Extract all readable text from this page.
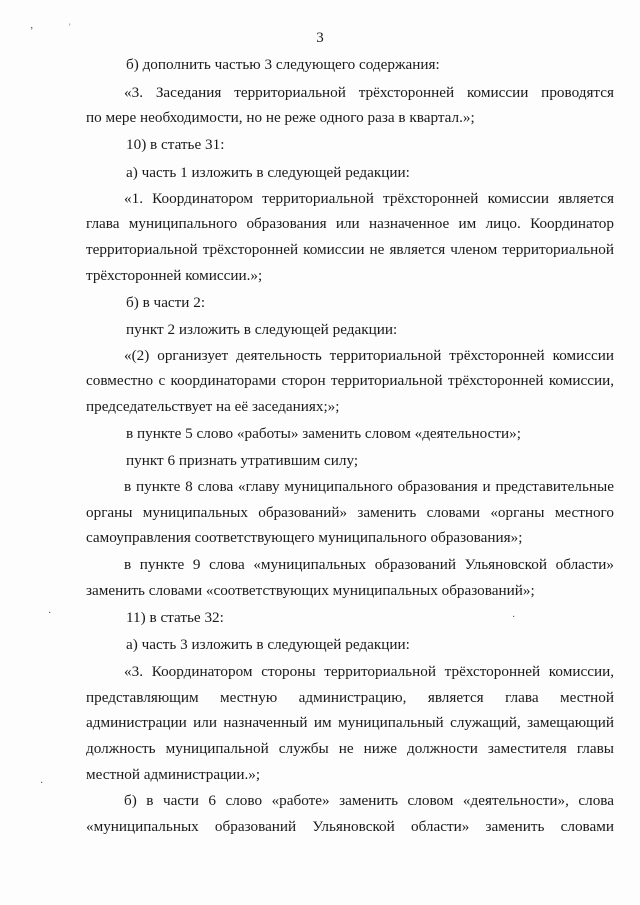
‚	˒
3
б) дополнить частью 3 следующего содержания:
«3. Заседания территориальной трёхсторонней комиссии проводятся
по мере необходимости, но не реже одного раза в квартал.»;
10) в статье 31:
а) часть 1 изложить в следующей редакции:
«1. Координатором территориальной трёхсторонней комиссии является
глава муниципального образования или назначенное им лицо. Координатор
территориальной трёхсторонней комиссии не является членом территориальной
трёхсторонней комиссии.»;
б) в части 2:
пункт 2 изложить в следующей редакции:
«(2) организует деятельность территориальной трёхсторонней комиссии
совместно с координаторами сторон территориальной трёхсторонней комиссии,
председательствует на её заседаниях;»;
в пункте 5 слово «работы» заменить словом «деятельности»;
пункт 6 признать утратившим силу;
в пункте 8 слова «главу муниципального образования и представительные
органы муниципальных образований» заменить словами «органы местного
самоуправления соответствующего муниципального образования»;
в пункте 9 слова «муниципальных образований Ульяновской области»
заменить словами «соответствующих муниципальных образований»;
11) в статье 32:
а) часть 3 изложить в следующей редакции:
«3. Координатором стороны территориальной трёхсторонней комиссии,
представляющим местную администрацию, является глава местной
администрации или назначенный им муниципальный служащий, замещающий
должность муниципальной службы не ниже должности заместителя главы
местной администрации.»;
б) в части 6 слово «работе» заменить словом «деятельности», слова
«муниципальных образований Ульяновской области» заменить словами
·	·
·
